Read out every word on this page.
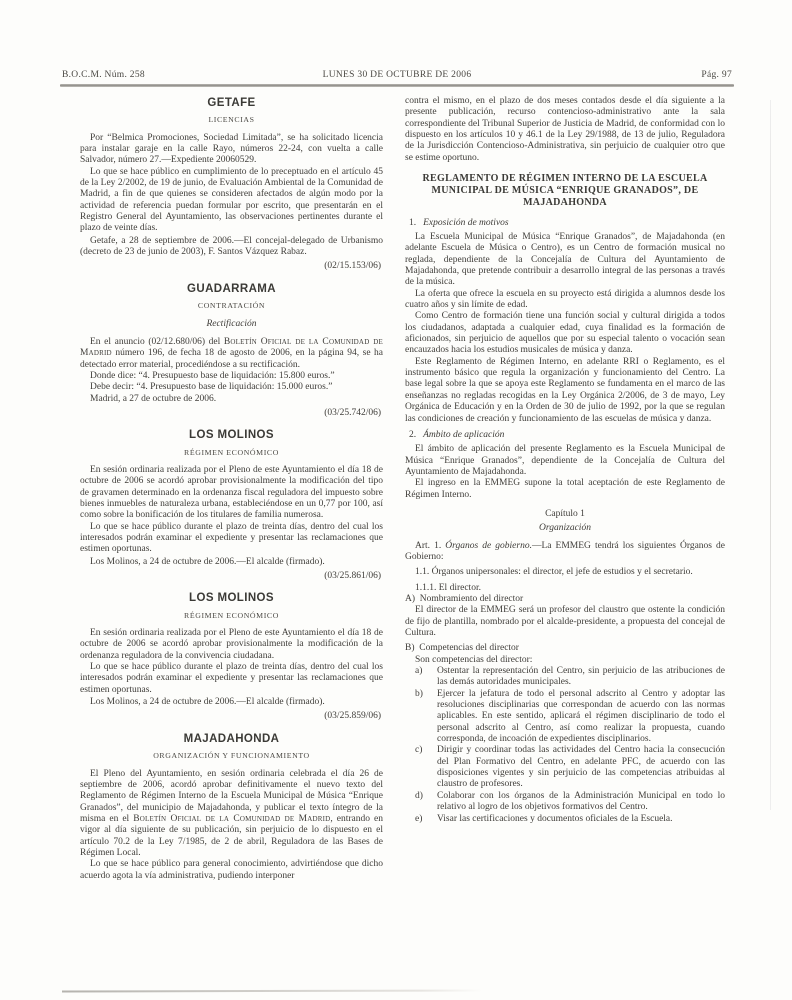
B.O.C.M. Núm. 258	LUNES 30 DE OCTUBRE DE 2006	Pág. 97

GETAFE

LICENCIAS

Por “Belmica Promociones, Sociedad Limitada”, se ha solicitado licencia para instalar garaje en la calle Rayo, números 22-24, con vuelta a calle Salvador, número 27.—Expediente 20060529.

Lo que se hace público en cumplimiento de lo preceptuado en el artículo 45 de la Ley 2/2002, de 19 de junio, de Evaluación Ambiental de la Comunidad de Madrid, a fin de que quienes se consideren afectados de algún modo por la actividad de referencia puedan formular por escrito, que presentarán en el Registro General del Ayuntamiento, las observaciones pertinentes durante el plazo de veinte días.

Getafe, a 28 de septiembre de 2006.—El concejal-delegado de Urbanismo (decreto de 23 de junio de 2003), F. Santos Vázquez Rabaz.

(02/15.153/06)

GUADARRAMA

CONTRATACIÓN

Rectificación

En el anuncio (02/12.680/06) del Boletín Oficial de la Comunidad de Madrid número 196, de fecha 18 de agosto de 2006, en la página 94, se ha detectado error material, procediéndose a su rectificación.

Donde dice: “4. Presupuesto base de liquidación: 15.800 euros.”

Debe decir: “4. Presupuesto base de liquidación: 15.000 euros.”

Madrid, a 27 de octubre de 2006.

(03/25.742/06)

LOS MOLINOS

RÉGIMEN ECONÓMICO

En sesión ordinaria realizada por el Pleno de este Ayuntamiento el día 18 de octubre de 2006 se acordó aprobar provisionalmente la modificación del tipo de gravamen determinado en la ordenanza fiscal reguladora del impuesto sobre bienes inmuebles de naturaleza urbana, estableciéndose en un 0,77 por 100, así como sobre la bonificación de los titulares de familia numerosa.

Lo que se hace público durante el plazo de treinta días, dentro del cual los interesados podrán examinar el expediente y presentar las reclamaciones que estimen oportunas.

Los Molinos, a 24 de octubre de 2006.—El alcalde (firmado).

(03/25.861/06)

LOS MOLINOS

RÉGIMEN ECONÓMICO

En sesión ordinaria realizada por el Pleno de este Ayuntamiento el día 18 de octubre de 2006 se acordó aprobar provisionalmente la modificación de la ordenanza reguladora de la convivencia ciudadana.

Lo que se hace público durante el plazo de treinta días, dentro del cual los interesados podrán examinar el expediente y presentar las reclamaciones que estimen oportunas.

Los Molinos, a 24 de octubre de 2006.—El alcalde (firmado).

(03/25.859/06)

MAJADAHONDA

ORGANIZACIÓN Y FUNCIONAMIENTO

El Pleno del Ayuntamiento, en sesión ordinaria celebrada el día 26 de septiembre de 2006, acordó aprobar definitivamente el nuevo texto del Reglamento de Régimen Interno de la Escuela Municipal de Música “Enrique Granados”, del municipio de Majadahonda, y publicar el texto íntegro de la misma en el Boletín Oficial de la Comunidad de Madrid, entrando en vigor al día siguiente de su publicación, sin perjuicio de lo dispuesto en el artículo 70.2 de la Ley 7/1985, de 2 de abril, Reguladora de las Bases de Régimen Local.

Lo que se hace público para general conocimiento, advirtiéndose que dicho acuerdo agota la vía administrativa, pudiendo interponer

contra el mismo, en el plazo de dos meses contados desde el día siguiente a la presente publicación, recurso contencioso-administrativo ante la sala correspondiente del Tribunal Superior de Justicia de Madrid, de conformidad con lo dispuesto en los artículos 10 y 46.1 de la Ley 29/1988, de 13 de julio, Reguladora de la Jurisdicción Contencioso-Administrativa, sin perjuicio de cualquier otro que se estime oportuno.

REGLAMENTO DE RÉGIMEN INTERNO DE LA ESCUELA MUNICIPAL DE MÚSICA “ENRIQUE GRANADOS”, DE MAJADAHONDA

1. Exposición de motivos

La Escuela Municipal de Música “Enrique Granados”, de Majadahonda (en adelante Escuela de Música o Centro), es un Centro de formación musical no reglada, dependiente de la Concejalía de Cultura del Ayuntamiento de Majadahonda, que pretende contribuir a desarrollo integral de las personas a través de la música.

La oferta que ofrece la escuela en su proyecto está dirigida a alumnos desde los cuatro años y sin límite de edad.

Como Centro de formación tiene una función social y cultural dirigida a todos los ciudadanos, adaptada a cualquier edad, cuya finalidad es la formación de aficionados, sin perjuicio de aquellos que por su especial talento o vocación sean encauzados hacia los estudios musicales de música y danza.

Este Reglamento de Régimen Interno, en adelante RRI o Reglamento, es el instrumento básico que regula la organización y funcionamiento del Centro. La base legal sobre la que se apoya este Reglamento se fundamenta en el marco de las enseñanzas no regladas recogidas en la Ley Orgánica 2/2006, de 3 de mayo, Ley Orgánica de Educación y en la Orden de 30 de julio de 1992, por la que se regulan las condiciones de creación y funcionamiento de las escuelas de música y danza.

2. Ámbito de aplicación

El ámbito de aplicación del presente Reglamento es la Escuela Municipal de Música “Enrique Granados”, dependiente de la Concejalía de Cultura del Ayuntamiento de Majadahonda.

El ingreso en la EMMEG supone la total aceptación de este Reglamento de Régimen Interno.

Capítulo 1

Organización

Art. 1. Órganos de gobierno.—La EMMEG tendrá los siguientes Órganos de Gobierno:

1.1. Órganos unipersonales: el director, el jefe de estudios y el secretario.

1.1.1. El director.

A) Nombramiento del director

El director de la EMMEG será un profesor del claustro que ostente la condición de fijo de plantilla, nombrado por el alcalde-presidente, a propuesta del concejal de Cultura.

B) Competencias del director

Son competencias del director:

a)	Ostentar la representación del Centro, sin perjuicio de las atribuciones de las demás autoridades municipales.
b)	Ejercer la jefatura de todo el personal adscrito al Centro y adoptar las resoluciones disciplinarias que correspondan de acuerdo con las normas aplicables. En este sentido, aplicará el régimen disciplinario de todo el personal adscrito al Centro, así como realizar la propuesta, cuando corresponda, de incoación de expedientes disciplinarios.
c)	Dirigir y coordinar todas las actividades del Centro hacia la consecución del Plan Formativo del Centro, en adelante PFC, de acuerdo con las disposiciones vigentes y sin perjuicio de las competencias atribuidas al claustro de profesores.
d)	Colaborar con los órganos de la Administración Municipal en todo lo relativo al logro de los objetivos formativos del Centro.
e)	Visar las certificaciones y documentos oficiales de la Escuela.
